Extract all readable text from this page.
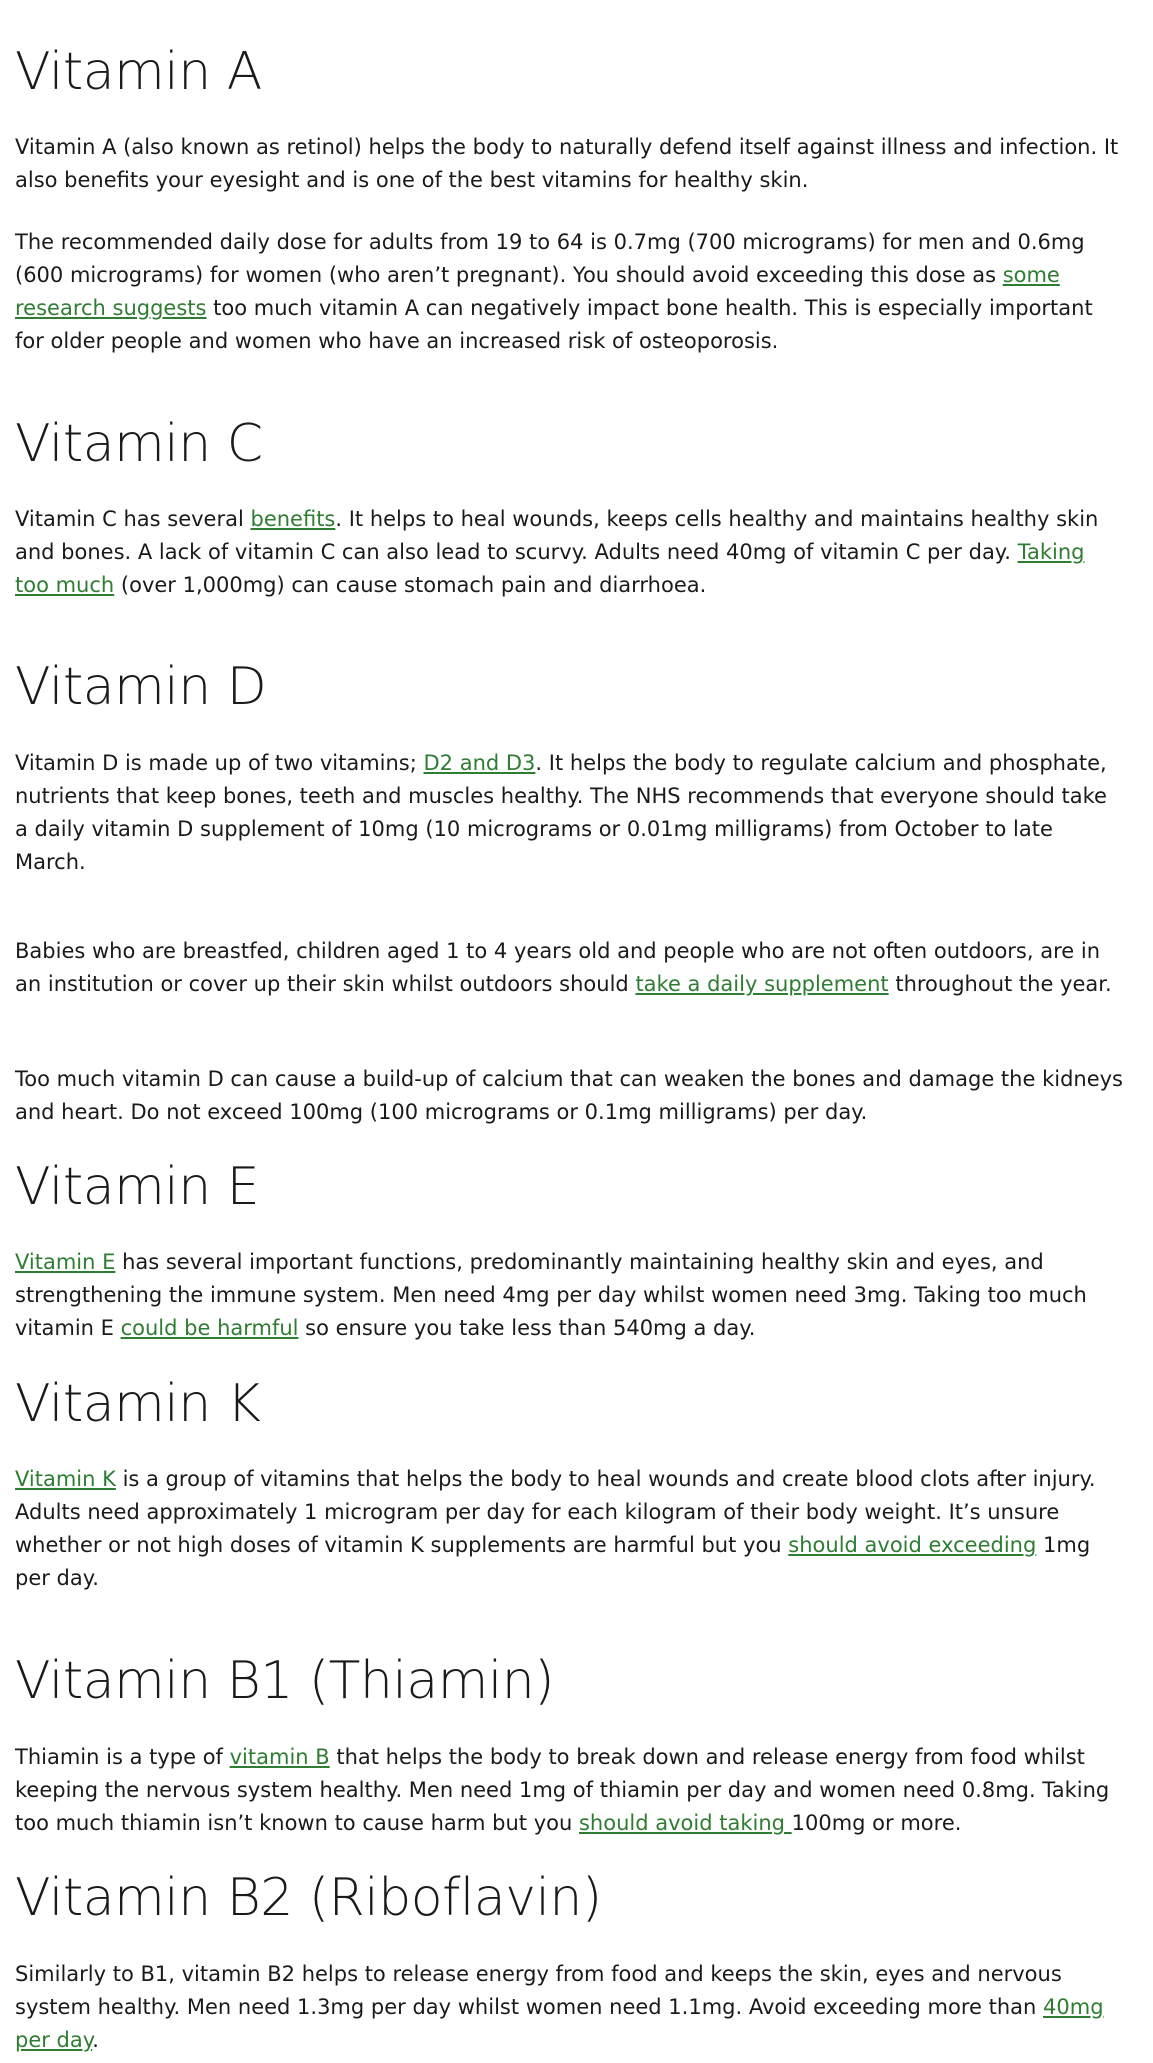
Vitamin A

Vitamin A (also known as retinol) helps the body to naturally defend itself against illness and infection. It also benefits your eyesight and is one of the best vitamins for healthy skin.

The recommended daily dose for adults from 19 to 64 is 0.7mg (700 micrograms) for men and 0.6mg (600 micrograms) for women (who aren’t pregnant). You should avoid exceeding this dose as some research suggests too much vitamin A can negatively impact bone health. This is especially important for older people and women who have an increased risk of osteoporosis.

Vitamin C

Vitamin C has several benefits. It helps to heal wounds, keeps cells healthy and maintains healthy skin and bones. A lack of vitamin C can also lead to scurvy. Adults need 40mg of vitamin C per day. Taking too much (over 1,000mg) can cause stomach pain and diarrhoea.

Vitamin D

Vitamin D is made up of two vitamins; D2 and D3. It helps the body to regulate calcium and phosphate, nutrients that keep bones, teeth and muscles healthy. The NHS recommends that everyone should take a daily vitamin D supplement of 10mg (10 micrograms or 0.01mg milligrams) from October to late March.

Babies who are breastfed, children aged 1 to 4 years old and people who are not often outdoors, are in an institution or cover up their skin whilst outdoors should take a daily supplement throughout the year.

Too much vitamin D can cause a build-up of calcium that can weaken the bones and damage the kidneys and heart. Do not exceed 100mg (100 micrograms or 0.1mg milligrams) per day.

Vitamin E

Vitamin E has several important functions, predominantly maintaining healthy skin and eyes, and strengthening the immune system. Men need 4mg per day whilst women need 3mg. Taking too much vitamin E could be harmful so ensure you take less than 540mg a day.

Vitamin K

Vitamin K is a group of vitamins that helps the body to heal wounds and create blood clots after injury. Adults need approximately 1 microgram per day for each kilogram of their body weight. It’s unsure whether or not high doses of vitamin K supplements are harmful but you should avoid exceeding 1mg per day.

Vitamin B1 (Thiamin)

Thiamin is a type of vitamin B that helps the body to break down and release energy from food whilst keeping the nervous system healthy. Men need 1mg of thiamin per day and women need 0.8mg. Taking too much thiamin isn’t known to cause harm but you should avoid taking 100mg or more.

Vitamin B2 (Riboflavin)

Similarly to B1, vitamin B2 helps to release energy from food and keeps the skin, eyes and nervous system healthy. Men need 1.3mg per day whilst women need 1.1mg. Avoid exceeding more than 40mg per day.
